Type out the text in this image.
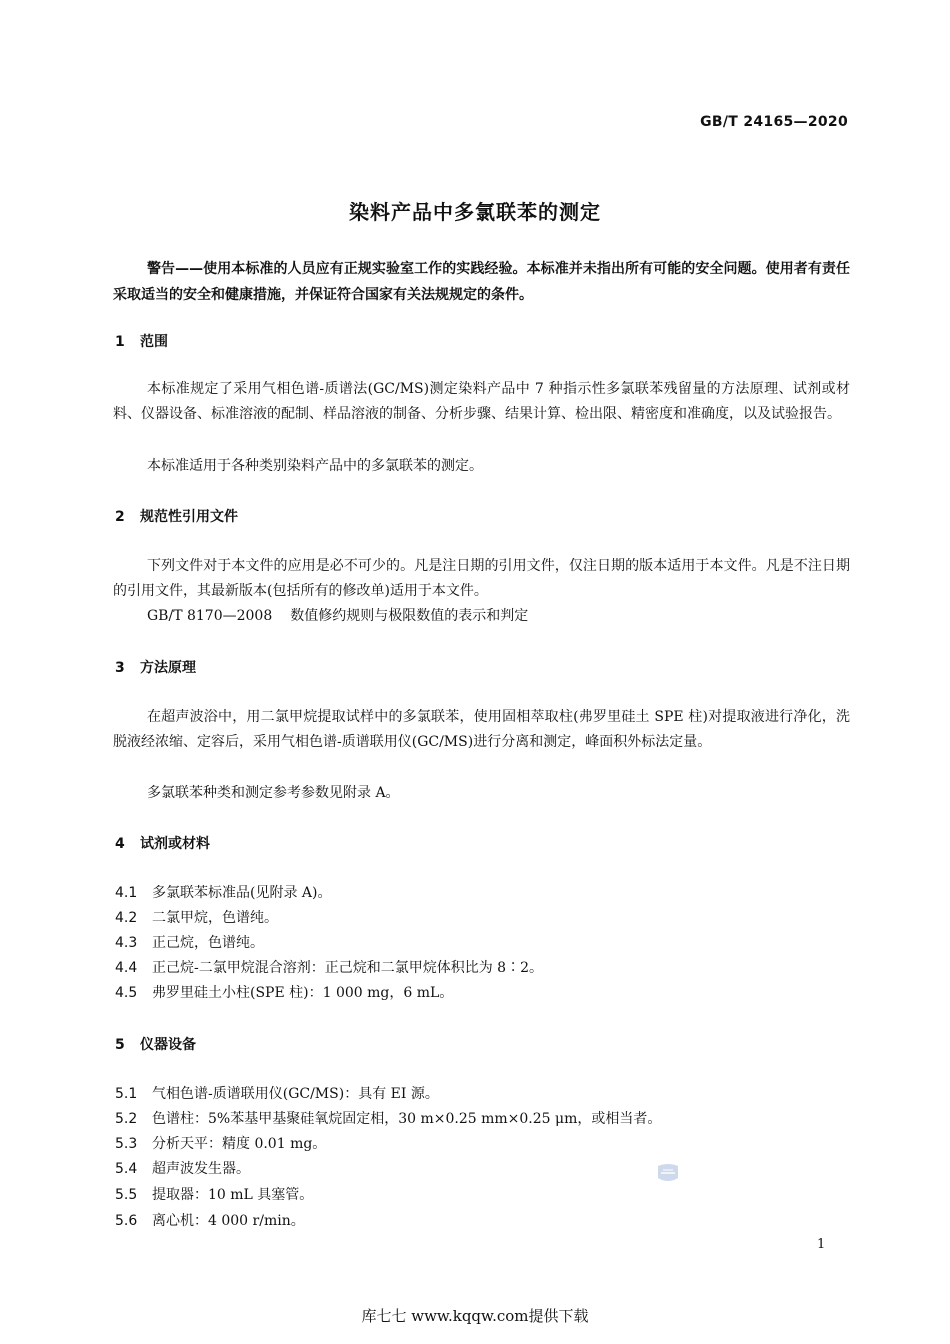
GB/T 24165—2020
染料产品中多氯联苯的测定

警告——使用本标准的人员应有正规实验室工作的实践经验。本标准并未指出所有可能的安全问题。使用者有责任采取适当的安全和健康措施，并保证符合国家有关法规规定的条件。

1 范围

本标准规定了采用气相色谱-质谱法(GC/MS)测定染料产品中 7 种指示性多氯联苯残留量的方法原理、试剂或材料、仪器设备、标准溶液的配制、样品溶液的制备、分析步骤、结果计算、检出限、精密度和准确度，以及试验报告。

本标准适用于各种类别染料产品中的多氯联苯的测定。

2 规范性引用文件

下列文件对于本文件的应用是必不可少的。凡是注日期的引用文件，仅注日期的版本适用于本文件。凡是不注日期的引用文件，其最新版本(包括所有的修改单)适用于本文件。

GB/T 8170—2008 数值修约规则与极限数值的表示和判定

3 方法原理

在超声波浴中，用二氯甲烷提取试样中的多氯联苯，使用固相萃取柱(弗罗里硅土 SPE 柱)对提取液进行净化，洗脱液经浓缩、定容后，采用气相色谱-质谱联用仪(GC/MS)进行分离和测定，峰面积外标法定量。

多氯联苯种类和测定参考参数见附录 A。

4 试剂或材料
4.1 多氯联苯标准品(见附录 A)。
4.2 二氯甲烷，色谱纯。
4.3 正己烷，色谱纯。
4.4 正己烷-二氯甲烷混合溶剂：正己烷和二氯甲烷体积比为 8∶2。
4.5 弗罗里硅土小柱(SPE 柱)：1 000 mg，6 mL。
5 仪器设备
5.1 气相色谱-质谱联用仪(GC/MS)：具有 EI 源。
5.2 色谱柱：5%苯基甲基聚硅氧烷固定相，30 m×0.25 mm×0.25 μm，或相当者。
5.3 分析天平：精度 0.01 mg。
5.4 超声波发生器。
5.5 提取器：10 mL 具塞管。
5.6 离心机：4 000 r/min。
1
库七七 www.kqqw.com提供下载
